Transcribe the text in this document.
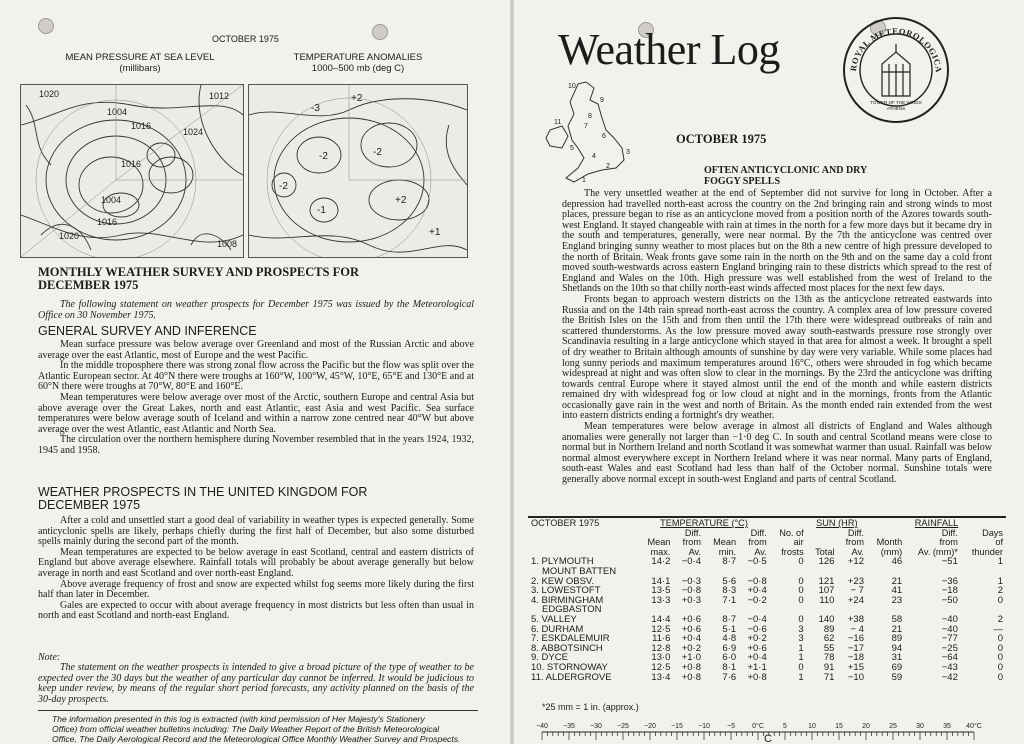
OCTOBER 1975
MEAN PRESSURE AT SEA LEVEL
(millibars)
TEMPERATURE ANOMALIES
1000–500 mb (deg C)
1020	1012
1004
1016
1024
1016
1004
1016
1020
1008
-3
+2
-2
-2
-2
-1
+2
+1
MONTHLY WEATHER SURVEY AND PROSPECTS FOR
DECEMBER 1975
The following statement on weather prospects for December 1975 was issued by the Meteorological Office on 30 November 1975.
GENERAL SURVEY AND INFERENCE

Mean surface pressure was below average over Greenland and most of the Russian Arctic and above average over the east Atlantic, most of Europe and the west Pacific.

In the middle troposphere there was strong zonal flow across the Pacific but the flow was split over the Atlantic European sector. At 40°N there were troughs at 160°W, 100°W, 45°W, 10°E, 65°E and 130°E and at 60°N there were troughs at 70°W, 80°E and 160°E.

Mean temperatures were below average over most of the Arctic, southern Europe and central Asia but above average over the Great Lakes, north and east Atlantic, east Asia and west Pacific. Sea surface temperatures were below average south of Iceland and within a narrow zone centred near 40°W but above average over the west Atlantic, east Atlantic and North Sea.

The circulation over the northern hemisphere during November resembled that in the years 1924, 1932, 1945 and 1958.

WEATHER PROSPECTS IN THE UNITED KINGDOM FOR
DECEMBER 1975

After a cold and unsettled start a good deal of variability in weather types is expected generally. Some anticyclonic spells are likely, perhaps chiefly during the first half of December, but also some disturbed spells mainly during the second part of the month.

Mean temperatures are expected to be below average in east Scotland, central and eastern districts of England but above average elsewhere. Rainfall totals will probably be about average generally but below average in north and east Scotland and over north-east England.

Above average frequency of frost and snow are expected whilst fog seems more likely during the first half than later in December.

Gales are expected to occur with about average frequency in most districts but less often than usual in north and east Scotland and north-east England.

Note:
The statement on the weather prospects is intended to give a broad picture of the type of weather to be expected over the 30 days but the weather of any particular day cannot be inferred. It would be judicious to keep under review, by means of the regular short period forecasts, any activity planned on the basis of the 30-day prospects.
The information presented in this log is extracted (with kind permission of Her Majesty's Stationery
Office) from official weather bulletins including: The Daily Weather Report of the British Meteorological
Office, The Daily Aerological Record and the Meteorological Office Monthly Weather Survey and Prospects.
Weather Log	ROYAL METEOROLOGICA
TOWER OF THE WINDS
ATHENS
10
9
11
8
7
6
5
4
3
2
1
OCTOBER 1975
OFTEN ANTICYCLONIC AND DRY
FOGGY SPELLS

The very unsettled weather at the end of September did not survive for long in October. After a depression had travelled north-east across the country on the 2nd bringing rain and strong winds to most places, pressure began to rise as an anticyclone moved from a position north of the Azores towards south-west England. It stayed changeable with rain at times in the north for a few more days but it became dry in the south and temperatures, generally, were near normal. By the 7th the anticyclone was centred over England bringing sunny weather to most places but on the 8th a new centre of high pressure developed to the north of Britain. Weak fronts gave some rain in the north on the 9th and on the same day a cold front moved south-westwards across eastern England bringing rain to these districts which spread to the rest of England and Wales on the 10th. High pressure was well established from the west of Ireland to the Shetlands on the 10th so that chilly north-east winds affected most places for the next few days.

Fronts began to approach western districts on the 13th as the anticyclone retreated eastwards into Russia and on the 14th rain spread north-east across the country. A complex area of low pressure covered the British Isles on the 15th and from then until the 17th there were widespread outbreaks of rain and scattered thunderstorms. As the low pressure moved away south-eastwards pressure rose strongly over Scandinavia resulting in a large anticyclone which stayed in that area for almost a week. It brought a spell of dry weather to Britain although amounts of sunshine by day were very variable. While some places had long sunny periods and maximum temperatures around 16°C, others were shrouded in fog which became widespread at night and was often slow to clear in the mornings. By the 23rd the anticyclone was drifting towards central Europe where it stayed almost until the end of the month and while eastern districts remained dry with widespread fog or low cloud at night and in the mornings, fronts from the Atlantic occasionally gave rain in the west and north of Britain. As the month ended rain extended from the west into eastern districts ending a fortnight's dry weather.

Mean temperatures were below average in almost all districts of England and Wales although anomalies were generally not larger than −1·0 deg C. In south and central Scotland means were close to normal but in Northern Ireland and north Scotland it was somewhat warmer than usual. Rainfall was below normal almost everywhere except in Northern Ireland where it was near normal. Many parts of England, south-east Wales and east Scotland had less than half of the October normal. Sunshine totals were generally above normal except in south-west England and parts of central Scotland.

OCTOBER 1975	TEMPERATURE (°C)					SUN (HR)		RAINFALL		
		Diff.		Diff.	No. of		Diff.		Diff.	Days
	Mean	from	Mean	from	air		from	Month	from	of
	max.	Av.	min.	Av.	frosts	Total	Av.	(mm)	Av. (mm)*	thunder
1. PLYMOUTH	14·2	−0·4	8·7	−0·5	0	126	+12	46	−51	1
MOUNT BATTEN										
2. KEW OBSV.	14·1	−0·3	5·6	−0·8	0	121	+23	21	−36	1
3. LOWESTOFT	13·5	−0·8	8·3	+0·4	0	107	− 7	41	−18	2
4. BIRMINGHAM	13·3	+0·3	7·1	−0·2	0	110	+24	23	−50	0
EDGBASTON										
5. VALLEY	14·4	+0·6	8·7	−0·4	0	140	+38	58	−40	2
6. DURHAM	12·5	+0·6	5·1	−0·6	3	89	− 4	21	−40	—
7. ESKDALEMUIR	11·6	+0·4	4·8	+0·2	3	62	−16	89	−77	0
8. ABBOTSINCH	12·8	+0·2	6·9	+0·6	1	55	−17	94	−25	0
9. DYCE	13·0	+1·0	6·0	+0·4	1	78	−18	31	−64	0
10. STORNOWAY	12·5	+0·8	8·1	+1·1	0	91	+15	69	−43	0
11. ALDERGROVE	13·4	+0·8	7·6	+0·8	1	71	−10	59	−42	0
*25 mm = 1 in. (approx.)
−40 −35 −30 −25 −20 −15 −10 −5 0°C	5	10	15	20	25	30	35 40°C
C
